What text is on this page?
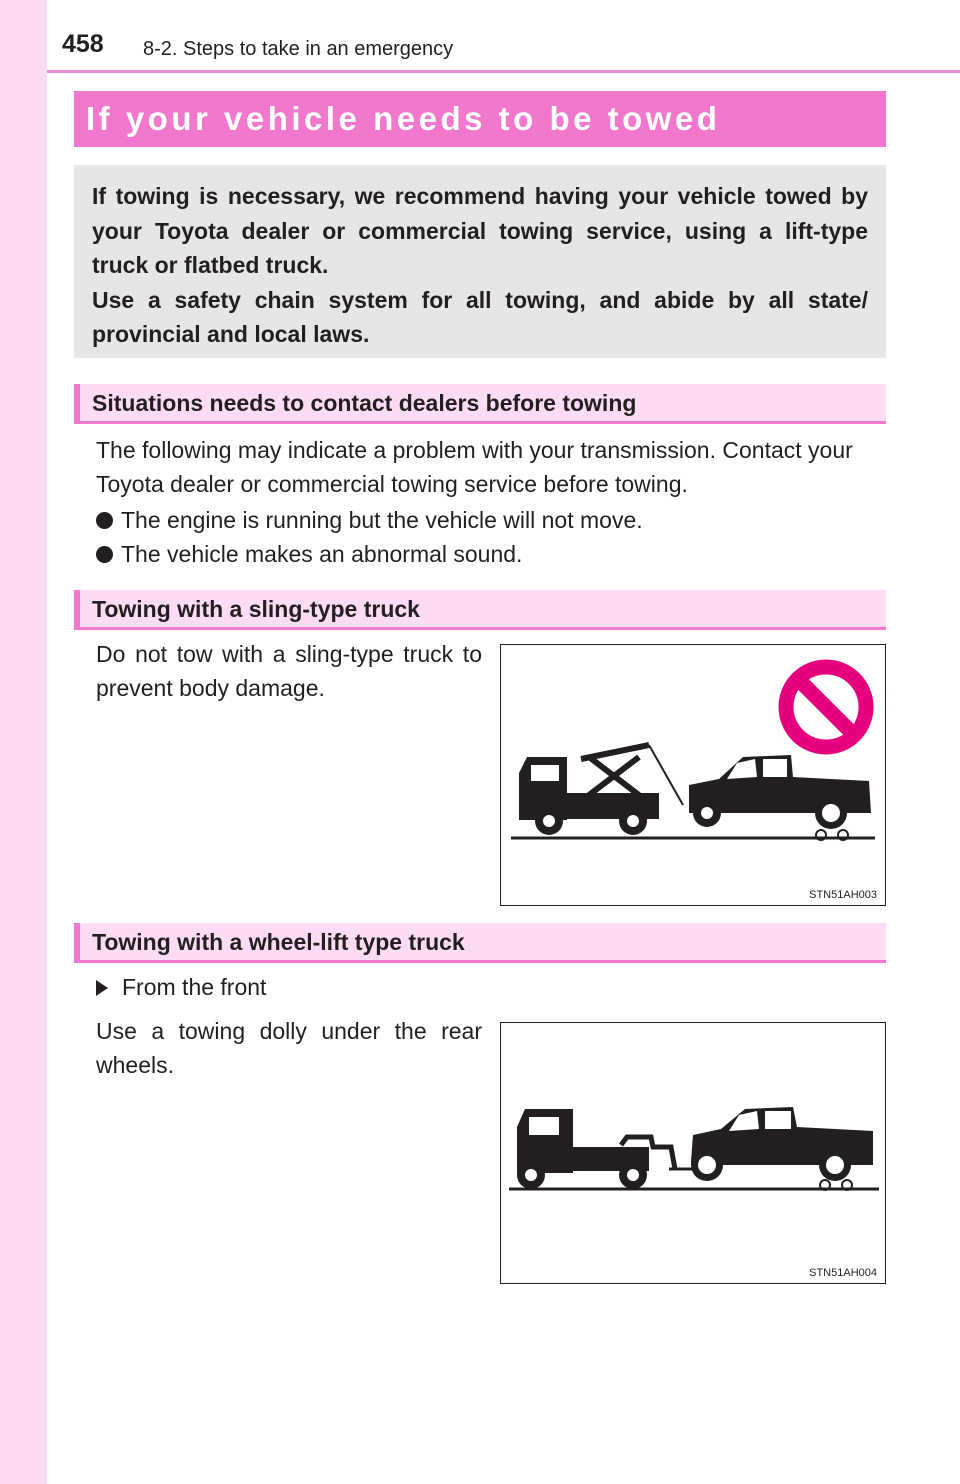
458 8-2. Steps to take in an emergency
If your vehicle needs to be towed

If towing is necessary, we recommend having your vehicle towed by your Toyota dealer or commercial towing service, using a lift-type truck or flatbed truck.

Use a safety chain system for all towing, and abide by all state/ provincial and local laws.

Situations needs to contact dealers before towing
The following may indicate a problem with your transmission. Contact your Toyota dealer or commercial towing service before towing.
The engine is running but the vehicle will not move.
The vehicle makes an abnormal sound.
Towing with a sling-type truck
Do not tow with a sling-type truck to prevent body damage.
STN51AH003
Towing with a wheel-lift type truck
From the front
Use a towing dolly under the rear wheels.
STN51AH004
